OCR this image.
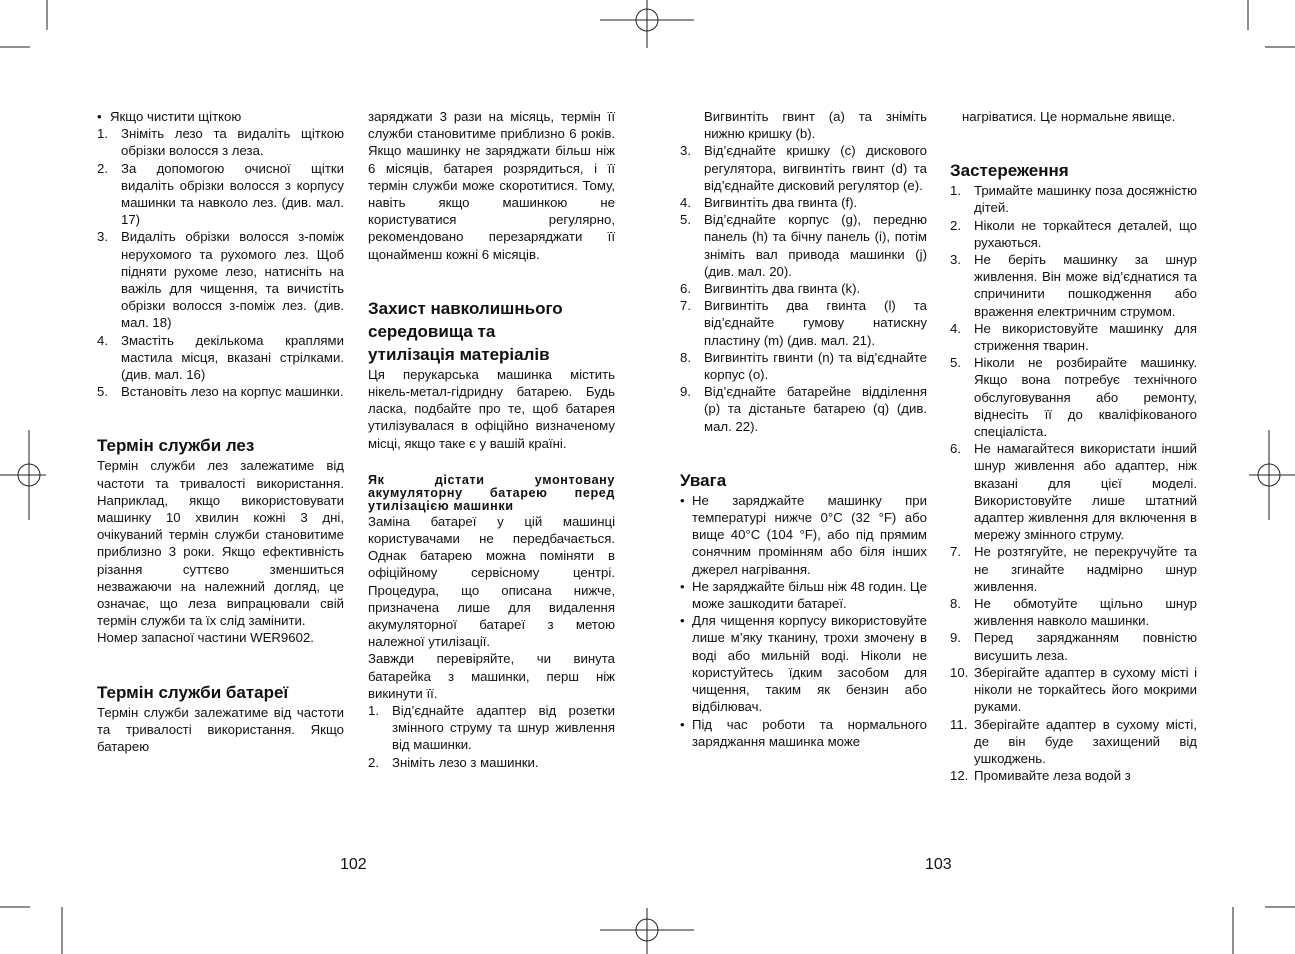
• Якщо чистити щіткою
1. Зніміть лезо та видаліть щіткою обрізки волосся з леза.
2. За допомогою очисної щітки видаліть обрізки волосся з корпусу машинки та навколо лез. (див. мал. 17)
3. Видаліть обрізки волосся з-поміж нерухомого та рухомого лез. Щоб підняти рухоме лезо, натисніть на важіль для чищення, та вичистіть обрізки волосся з-поміж лез. (див. мал. 18)
4. Змастіть декількома краплями мастила місця, вказані стрілками. (див. мал. 16)
5. Встановіть лезо на корпус машинки.

Термін служби лез

Термін служби лез залежатиме від частоти та тривалості використання. Наприклад, якщо використовувати машинку 10 хвилин кожні 3 дні, очікуваний термін служби становитиме приблизно 3 роки. Якщо ефективність різання суттєво зменшиться незважаючи на належний догляд, це означає, що леза випрацювали свій термін служби та їх слід замінити.

Номер запасної частини WER9602.

Термін служби батареї

Термін служби залежатиме від частоти та тривалості використання. Якщо батарею

заряджати 3 рази на місяць, термін її служби становитиме приблизно 6 років. Якщо машинку не заряджати більш ніж 6 місяців, батарея розрядиться, і її термін служби може скоротитися. Тому, навіть якщо машинкою не користуватися регулярно, рекомендовано перезаряджати її щонайменш кожні 6 місяців.

Захист навколишнього

середовища та

утилізація матеріалів

Ця перукарська машинка містить нікель-метал-гідридну батарею. Будь ласка, подбайте про те, щоб батарея утилізувалася в офіційно визначеному місці, якщо таке є у вашій країні.

Як дістати умонтовану акумуляторну батарею перед утилізацією машинки

Заміна батареї у цій машинці користувачами не передбачається. Однак батарею можна поміняти в офіційному сервісному центрі. Процедура, що описана нижче, призначена лише для видалення акумуляторної батареї з метою належної утилізації.

Завжди перевіряйте, чи винута батарейка з машинки, перш ніж викинути її.

1. Від’єднайте адаптер від розетки змінного струму та шнур живлення від машинки.
2. Зніміть лезо з машинки.
Вигвинтіть гвинт (а) та зніміть нижню кришку (b).
3. Від’єднайте кришку (с) дискового регулятора, вигвинтіть гвинт (d) та від’єднайте дисковий регулятор (е).
4. Вигвинтіть два гвинта (f).
5. Від’єднайте корпус (g), передню панель (h) та бічну панель (i), потім зніміть вал привода машинки (j) (див. мал. 20).
6. Вигвинтіть два гвинта (k).
7. Вигвинтіть два гвинта (l) та від’єднайте гумову натискну пластину (m) (див. мал. 21).
8. Вигвинтіть гвинти (n) та від’єднайте корпус (о).
9. Від’єднайте батарейне відділення (р) та дістаньте батарею (q) (див. мал. 22).

Увага

• Не заряджайте машинку при температурі нижче 0°C (32 °F) або вище 40°C (104 °F), або під прямим сонячним промінням або біля інших джерел нагрівання.
• Не заряджайте більш ніж 48 годин. Це може зашкодити батареї.
• Для чищення корпусу використовуйте лише м’яку тканину, трохи змочену в воді або мильній воді. Ніколи не користуйтесь їдким засобом для чищення, таким як бензин або відбілювач.
• Під час роботи та нормального заряджання машинка може
нагріватися. Це нормальне явище.

Застереження

1. Тримайте машинку поза досяжністю дітей.
2. Ніколи не торкайтеся деталей, що рухаються.
3. Не беріть машинку за шнур живлення. Він може від’єднатися та спричинити пошкодження або враження електричним струмом.
4. Не використовуйте машинку для стриження тварин.
5. Ніколи не розбирайте машинку. Якщо вона потребує технічного обслуговування або ремонту, віднесіть її до кваліфікованого спеціаліста.
6. Не намагайтеся використати інший шнур живлення або адаптер, ніж вказані для цієї моделі. Використовуйте лише штатний адаптер живлення для включення в мережу змінного струму.
7. Не розтягуйте, не перекручуйте та не згинайте надмірно шнур живлення.
8. Не обмотуйте щільно шнур живлення навколо машинки.
9. Перед заряджанням повністю висушить леза.
10. Зберігайте адаптер в сухому місті і ніколи не торкайтесь його мокрими руками.
11. Зберігайте адаптер в сухому місті, де він буде захищений від ушкоджень.
12. Промивайте леза водой з
102	103
